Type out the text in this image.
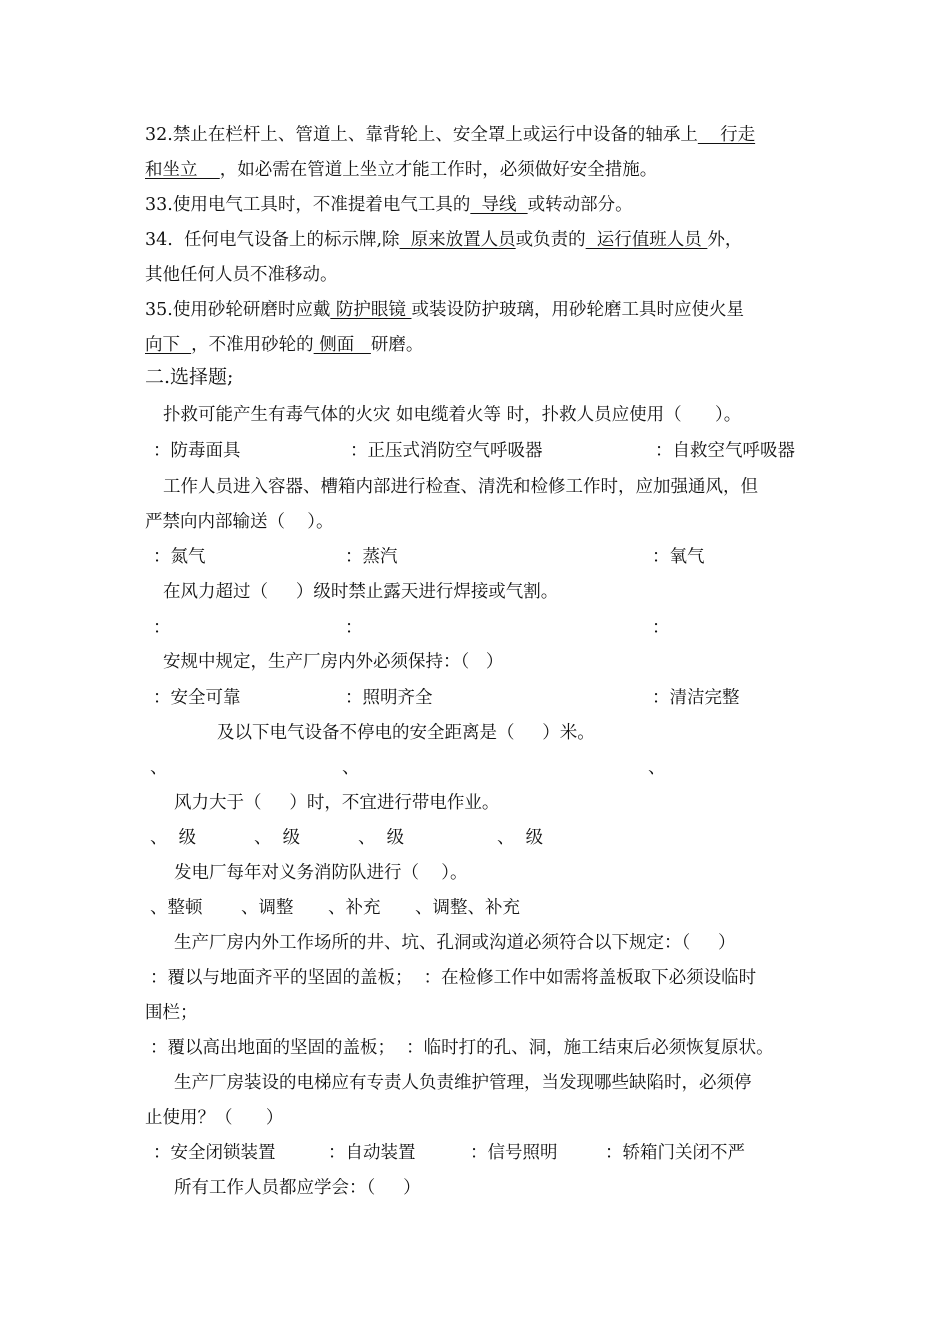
32.禁止在栏杆上、管道上、靠背轮上、安全罩上或运行中设备的轴承上    行走
和坐立    ，如必需在管道上坐立才能工作时，必须做好安全措施。
33.使用电气工具时，不准提着电气工具的  导线  或转动部分。
34.  任何电气设备上的标示牌,除  原来放置人员或负责的  运行值班人员 外，
其他任何人员不准移动。
35.使用砂轮研磨时应戴 防护眼镜 或装设防护玻璃，用砂轮磨工具时应使火星
向下  ，不准用砂轮的 侧面   研磨。
二.选择题;
扑救可能产生有毒气体的火灾 如电缆着火等 时，扑救人员应使用（      ）。
：防毒面具	：正压式消防空气呼吸器	：自救空气呼吸器
工作人员进入容器、槽箱内部进行检查、清洗和检修工作时，应加强通风，但
严禁向内部输送（    ）。
：氮气	：蒸汽	：氧气
在风力超过（     ）级时禁止露天进行焊接或气割。
：	：	：
安规中规定，生产厂房内外必须保持：（   ）
：安全可靠	：照明齐全	：清洁完整
及以下电气设备不停电的安全距离是（     ）米。
、	、	、
风力大于（     ）时，不宜进行带电作业。
、  级	、  级	、  级	、  级
发电厂每年对义务消防队进行（    ）。
、整顿 、调整 、补充 、调整、补充
生产厂房内外工作场所的井、坑、孔洞或沟道必须符合以下规定：（     ）
：覆以与地面齐平的坚固的盖板；  ：在检修工作中如需将盖板取下必须设临时
围栏；
：覆以高出地面的坚固的盖板；  ：临时打的孔、洞，施工结束后必须恢复原状。
生产厂房装设的电梯应有专责人负责维护管理，当发现哪些缺陷时，必须停
止使用？（      ）
：安全闭锁装置	：自动装置	：信号照明	：轿箱门关闭不严
所有工作人员都应学会：（     ）
